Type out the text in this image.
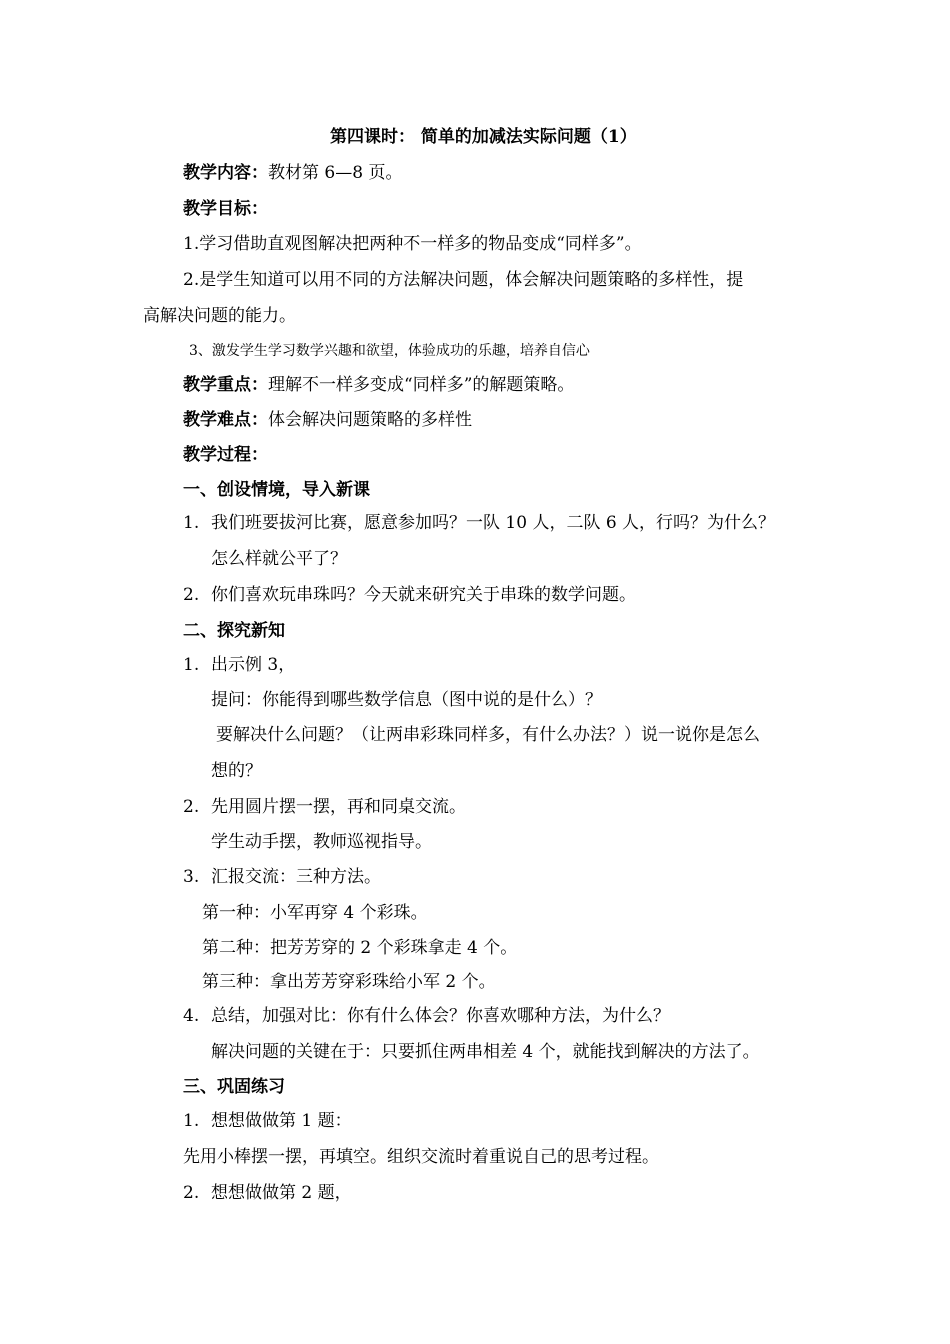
第四课时： 简单的加减法实际问题（1）
教学内容：教材第 6—8 页。
教学目标：
1.学习借助直观图解决把两种不一样多的物品变成“同样多”。
2.是学生知道可以用不同的方法解决问题，体会解决问题策略的多样性，提
高解决问题的能力。
3、激发学生学习数学兴趣和欲望，体验成功的乐趣，培养自信心
教学重点：理解不一样多变成“同样多”的解题策略。
教学难点：体会解决问题策略的多样性
教学过程：
一、创设情境，导入新课
1. 我们班要拔河比赛，愿意参加吗？一队 10 人，二队 6 人，行吗？为什么？
怎么样就公平了？
2. 你们喜欢玩串珠吗？今天就来研究关于串珠的数学问题。
二、探究新知
1. 出示例 3，
提问：你能得到哪些数学信息（图中说的是什么）？
要解决什么问题？（让两串彩珠同样多，有什么办法？）说一说你是怎么
想的？
2. 先用圆片摆一摆，再和同桌交流。
学生动手摆，教师巡视指导。
3. 汇报交流：三种方法。
第一种：小军再穿 4 个彩珠。
第二种：把芳芳穿的 2 个彩珠拿走 4 个。
第三种：拿出芳芳穿彩珠给小军 2 个。
4. 总结，加强对比：你有什么体会？你喜欢哪种方法，为什么？
解决问题的关键在于：只要抓住两串相差 4 个，就能找到解决的方法了。
三、巩固练习
1. 想想做做第 1 题：
先用小棒摆一摆，再填空。组织交流时着重说自己的思考过程。
2. 想想做做第 2 题，
